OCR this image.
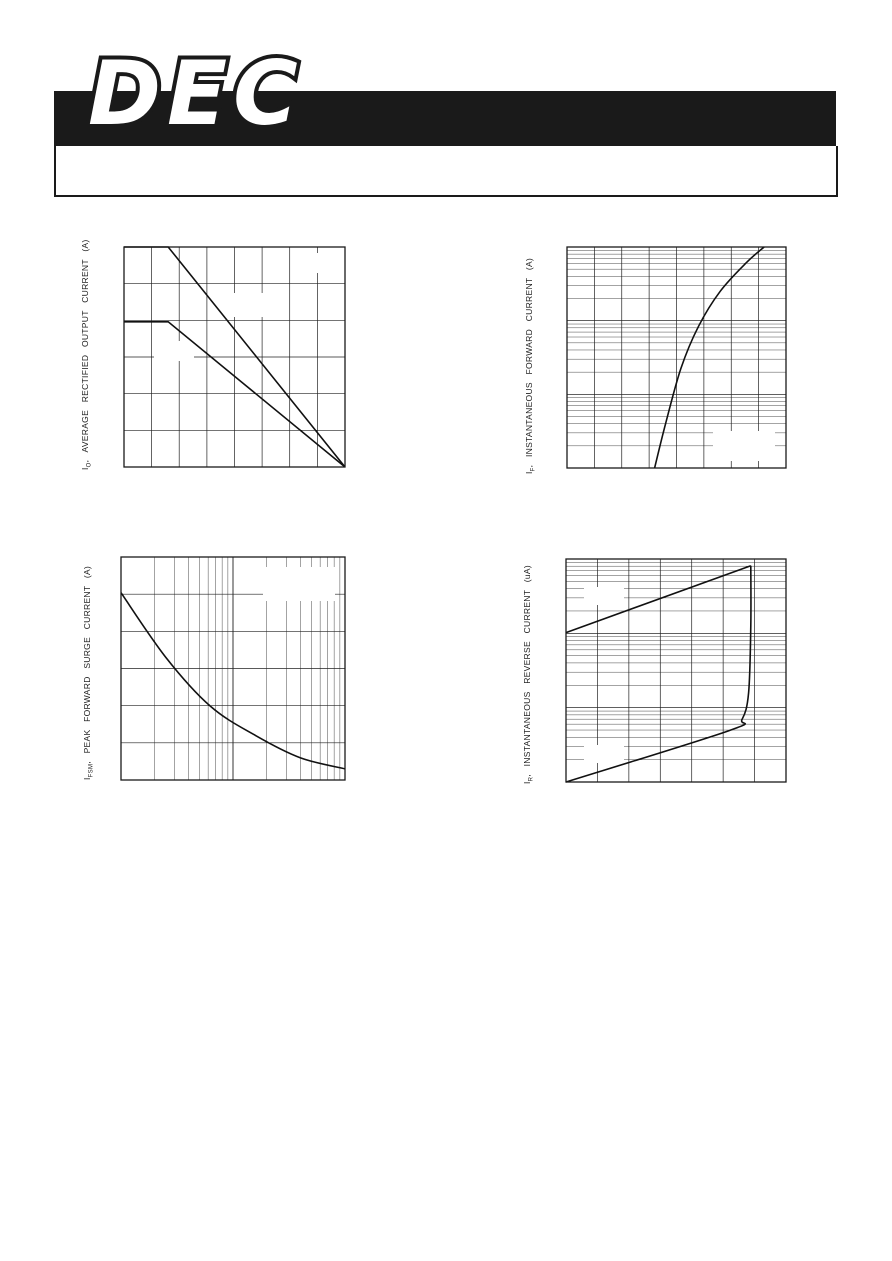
DEC
$I_O$, AVERAGE RECTIFIED OUTPUT CURRENT (A)
$I_F$, INSTANTANEOUS FORWARD CURRENT (A)
$I_{FSM}$, PEAK FORWARD SURGE CURRENT (A)
$I_R$, INSTANTANEOUS REVERSE CURRENT (uA)
